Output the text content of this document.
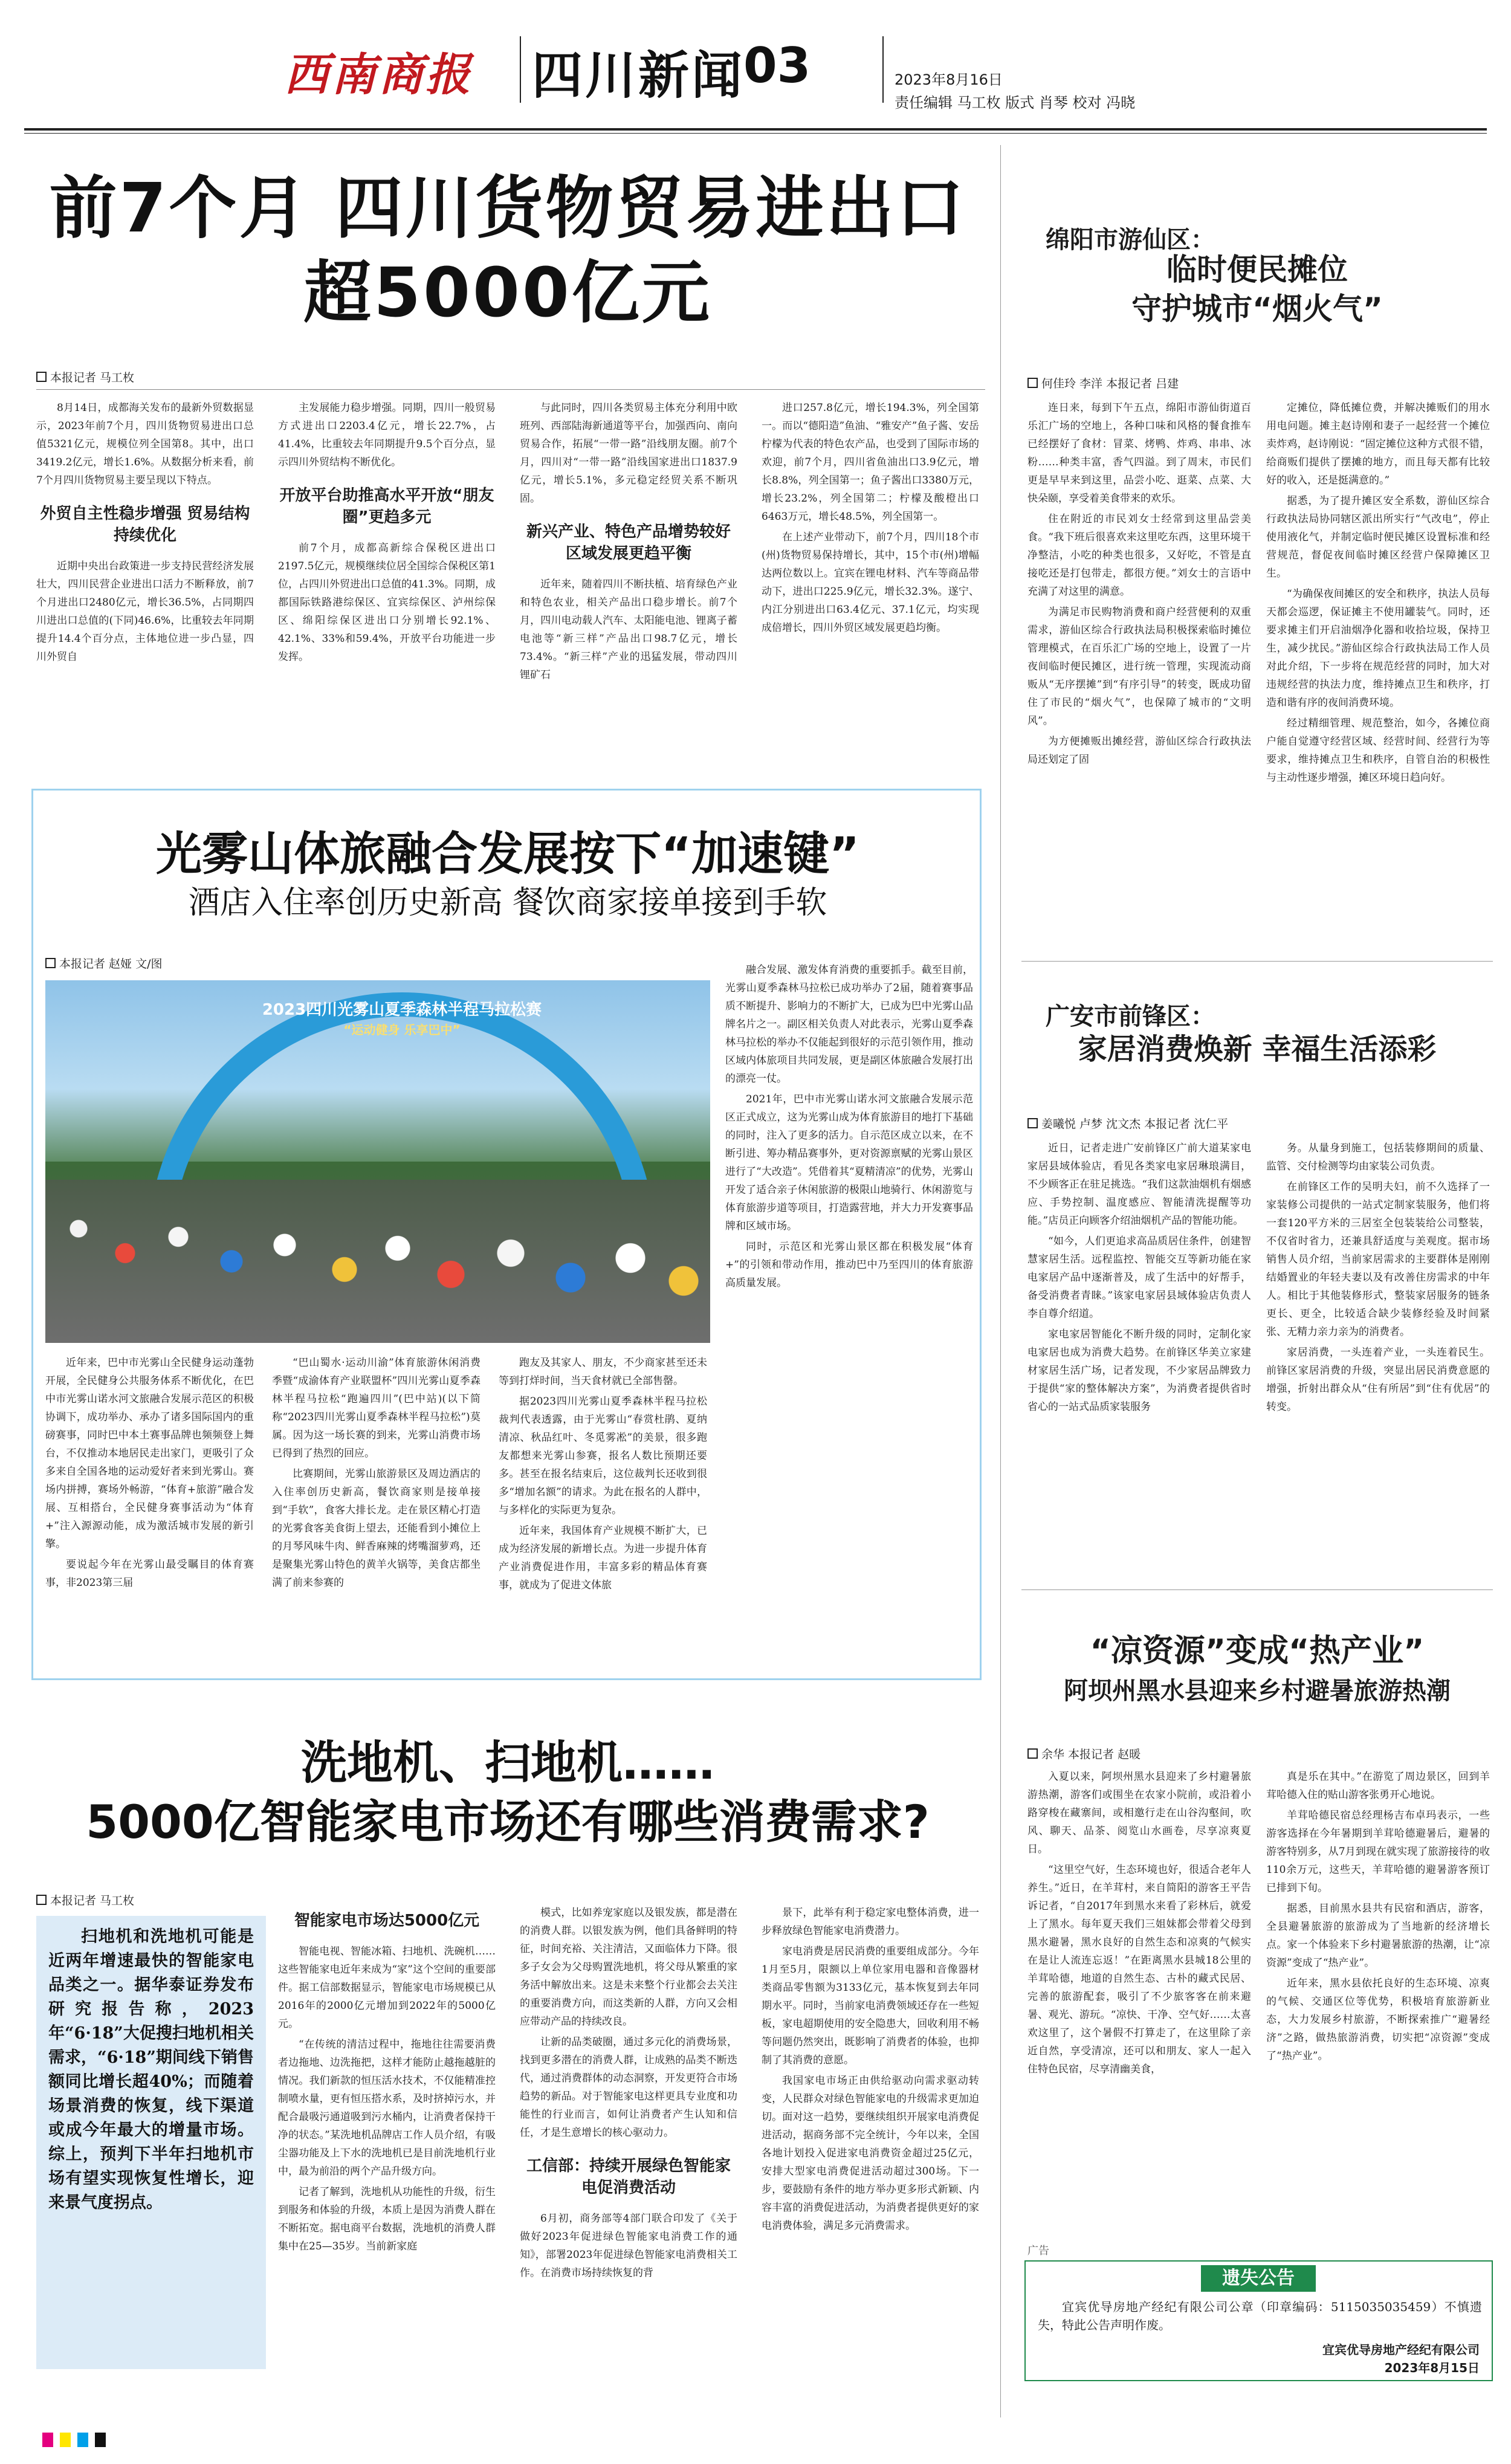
西南商报 四川新闻
03	2023年8月16日
责任编辑 马工枚 版式 肖琴 校对 冯晓
前7个月 四川货物贸易进出口
超5000亿元
本报记者 马工枚

8月14日，成都海关发布的最新外贸数据显示，2023年前7个月，四川货物贸易进出口总值5321亿元，规模位列全国第8。其中，出口3419.2亿元，增长1.6%。从数据分析来看，前7个月四川货物贸易主要呈现以下特点。

外贸自主性稳步增强 贸易结构持续优化

近期中央出台政策进一步支持民营经济发展壮大，四川民营企业进出口活力不断释放，前7个月进出口2480亿元，增长36.5%，占同期四川进出口总值的(下同)46.6%，比重较去年同期提升14.4个百分点，主体地位进一步凸显，四川外贸自

主发展能力稳步增强。同期，四川一般贸易方式进出口2203.4亿元，增长22.7%，占41.4%，比重较去年同期提升9.5个百分点，显示四川外贸结构不断优化。

开放平台助推高水平开放“朋友圈”更趋多元

前7个月，成都高新综合保税区进出口2197.5亿元，规模继续位居全国综合保税区第1位，占四川外贸进出口总值的41.3%。同期，成都国际铁路港综保区、宜宾综保区、泸州综保区、绵阳综保区进出口分别增长92.1%、42.1%、33%和59.4%，开放平台功能进一步发挥。

与此同时，四川各类贸易主体充分利用中欧班列、西部陆海新通道等平台，加强西向、南向贸易合作，拓展“一带一路”沿线朋友圈。前7个月，四川对“一带一路”沿线国家进出口1837.9亿元，增长5.1%，多元稳定经贸关系不断巩固。

新兴产业、特色产品增势较好 区域发展更趋平衡

近年来，随着四川不断扶植、培育绿色产业和特色农业，相关产品出口稳步增长。前7个月，四川电动载人汽车、太阳能电池、锂离子蓄电池等“新三样”产品出口98.7亿元，增长73.4%。“新三样”产业的迅猛发展，带动四川锂矿石

进口257.8亿元，增长194.3%，列全国第一。而以“德阳造”鱼油、“雅安产”鱼子酱、安岳柠檬为代表的特色农产品，也受到了国际市场的欢迎，前7个月，四川省鱼油出口3.9亿元，增长8.8%，列全国第一；鱼子酱出口3380万元，增长23.2%，列全国第二；柠檬及酸橙出口6463万元，增长48.5%，列全国第一。

在上述产业带动下，前7个月，四川18个市(州)货物贸易保持增长，其中，15个市(州)增幅达两位数以上。宜宾在锂电材料、汽车等商品带动下，进出口225.9亿元，增长32.3%。遂宁、内江分别进出口63.4亿元、37.1亿元，均实现成倍增长，四川外贸区域发展更趋均衡。

光雾山体旅融合发展按下“加速键”
酒店入住率创历史新高 餐饮商家接单接到手软
本报记者 赵娅 文/图
2023四川光雾山夏季森林半程马拉松赛
“运动健身 乐享巴中”

融合发展、激发体育消费的重要抓手。截至目前，光雾山夏季森林马拉松已成功举办了2届，随着赛事品质不断提升、影响力的不断扩大，已成为巴中光雾山品牌名片之一。副区相关负责人对此表示，光雾山夏季森林马拉松的举办不仅能起到很好的示范引领作用，推动区域内体旅项目共同发展，更是副区体旅融合发展打出的漂亮一仗。

2021年，巴中市光雾山诺水河文旅融合发展示范区正式成立，这为光雾山成为体育旅游目的地打下基础的同时，注入了更多的活力。自示范区成立以来，在不断引进、筹办精品赛事外，更对资源禀赋的光雾山景区进行了“大改造”。凭借着其“夏精清凉”的优势，光雾山开发了适合亲子休闲旅游的极限山地骑行、休闲游览与体育旅游步道等项目，打造露营地，并大力开发赛事品牌和区域市场。

同时，示范区和光雾山景区都在积极发展“体育+”的引领和带动作用，推动巴中乃至四川的体育旅游高质量发展。

近年来，巴中市光雾山全民健身运动蓬勃开展，全民健身公共服务体系不断优化，在巴中市光雾山诺水河文旅融合发展示范区的积极协调下，成功举办、承办了诸多国际国内的重磅赛事，同时巴中本土赛事品牌也频频登上舞台，不仅推动本地居民走出家门，更吸引了众多来自全国各地的运动爱好者来到光雾山。赛场内拼搏，赛场外畅游，“体育+旅游”融合发展、互相搭台，全民健身赛事活动为“体育+”注入源源动能，成为激活城市发展的新引擎。

要说起今年在光雾山最受瞩目的体育赛事，非2023第三届

“巴山蜀水·运动川渝”体育旅游休闲消费季暨“成渝体育产业联盟杯”四川光雾山夏季森林半程马拉松“跑遍四川”(巴中站)(以下简称“2023四川光雾山夏季森林半程马拉松”)莫属。因为这一场长赛的到来，光雾山消费市场已得到了热烈的回应。

比赛期间，光雾山旅游景区及周边酒店的入住率创历史新高，餐饮商家则是接单接到“手软”，食客大排长龙。走在景区精心打造的光雾食客美食街上望去，还能看到小摊位上的月琴风味牛肉、鲜香麻辣的烤嘴溜萝鸡，还是聚集光雾山特色的黄羊火锅等，美食店都坐满了前来参赛的

跑友及其家人、朋友，不少商家甚至还未等到打烊时间，当天食材就已全部售罄。

据2023四川光雾山夏季森林半程马拉松裁判代表透露，由于光雾山“春赏杜鹃、夏纳清凉、秋品红叶、冬觅雾凇”的美景，很多跑友都想来光雾山参赛，报名人数比预期还要多。甚至在报名结束后，这位裁判长还收到很多“增加名额”的请求。为此在报名的人群中，与多样化的实际更为复杂。

近年来，我国体育产业规模不断扩大，已成为经济发展的新增长点。为进一步提升体育产业消费促进作用，丰富多彩的精品体育赛事，就成为了促进文体旅

洗地机、扫地机……
5000亿智能家电市场还有哪些消费需求?
本报记者 马工枚
扫地机和洗地机可能是近两年增速最快的智能家电品类之一。据华泰证券发布研究报告称，2023年“6·18”大促搜扫地机相关需求，“6·18”期间线下销售额同比增长超40%；而随着场景消费的恢复，线下渠道或成今年最大的增量市场。综上，预判下半年扫地机市场有望实现恢复性增长，迎来景气度拐点。
智能家电市场达5000亿元

智能电视、智能冰箱、扫地机、洗碗机……这些智能家电近年来成为“家”这个空间的重要部件。据工信部数据显示，智能家电市场规模已从2016年的2000亿元增加到2022年的5000亿元。

“在传统的清洁过程中，拖地往往需要消费者边拖地、边洗拖把，这样才能防止越拖越脏的情况。我们新款的恒压活水技术，不仅能精准控制喷水量，更有恒压搭水系，及时挤掉污水，并配合最吸污通道吸到污水桶内，让消费者保持干净的状态。”某洗地机品牌店工作人员介绍，有吸尘器功能及上下水的洗地机已是目前洗地机行业中，最为前沿的两个产品升级方向。

记者了解到，洗地机从功能性的升级，衍生到服务和体验的升级，本质上是因为消费人群在不断拓宽。据电商平台数据，洗地机的消费人群集中在25—35岁。当前新家庭

模式，比如养宠家庭以及银发族，都是潜在的消费人群。以银发族为例，他们具备鲜明的特征，时间充裕、关注清洁，又面临体力下降。很多子女会为父母购置洗地机，将父母从繁重的家务活中解放出来。这是未来整个行业都会去关注的重要消费方向，而这类新的人群，方向又会相应带动产品的持续改良。

让新的品类破圈，通过多元化的消费场景，找到更多潜在的消费人群，让成熟的品类不断迭代，通过消费群体的动态洞察，开发更符合市场趋势的新品。对于智能家电这样更具专业度和功能性的行业而言，如何让消费者产生认知和信任，才是生意增长的核心驱动力。

工信部：持续开展绿色智能家电促消费活动

6月初，商务部等4部门联合印发了《关于做好2023年促进绿色智能家电消费工作的通知》，部署2023年促进绿色智能家电消费相关工作。在消费市场持续恢复的背

景下，此举有利于稳定家电整体消费，进一步释放绿色智能家电消费潜力。

家电消费是居民消费的重要组成部分。今年1月至5月，限额以上单位家用电器和音像器材类商品零售额为3133亿元，基本恢复到去年同期水平。同时，当前家电消费领域还存在一些短板，家电超期使用的安全隐患大，回收利用不畅等问题仍然突出，既影响了消费者的体验，也抑制了其消费的意愿。

我国家电市场正由供给驱动向需求驱动转变，人民群众对绿色智能家电的升级需求更加迫切。面对这一趋势，要继续组织开展家电消费促进活动，据商务部不完全统计，今年以来，全国各地计划投入促进家电消费资金超过25亿元，安排大型家电消费促进活动超过300场。下一步，要鼓励有条件的地方举办更多形式新颖、内容丰富的消费促进活动，为消费者提供更好的家电消费体验，满足多元消费需求。

绵阳市游仙区：
临时便民摊位
守护城市“烟火气”
何佳玲 李洋 本报记者 吕建

连日来，每到下午五点，绵阳市游仙街道百乐汇广场的空地上，各种口味和风格的餐食推车已经摆好了食材：冒菜、烤鸭、炸鸡、串串、冰粉……种类丰富，香气四溢。到了周末，市民们更是早早来到这里，品尝小吃、逛菜、点菜、大快朵颐，享受着美食带来的欢乐。

住在附近的市民刘女士经常到这里品尝美食。“我下班后很喜欢来这里吃东西，这里环境干净整洁，小吃的种类也很多，又好吃，不管是直接吃还是打包带走，都很方便。”刘女士的言语中充满了对这里的满意。

为满足市民购物消费和商户经营便利的双重需求，游仙区综合行政执法局积极探索临时摊位管理模式，在百乐汇广场的空地上，设置了一片夜间临时便民摊区，进行统一管理，实现流动商贩从“无序摆摊”到“有序引导”的转变，既成功留住了市民的“烟火气”，也保障了城市的“文明风”。

为方便摊贩出摊经营，游仙区综合行政执法局还划定了固

定摊位，降低摊位费，并解决摊贩们的用水用电问题。摊主赵诗刚和妻子一起经营一个摊位卖炸鸡，赵诗刚说：“固定摊位这种方式很不错，给商贩们提供了摆摊的地方，而且每天都有比较好的收入，还是挺满意的。”

据悉，为了提升摊区安全系数，游仙区综合行政执法局协同辖区派出所实行“气改电”，停止使用液化气，并制定临时便民摊区设置标准和经营规范，督促夜间临时摊区经营户保障摊区卫生。

“为确保夜间摊区的安全和秩序，执法人员每天都会巡逻，保证摊主不使用罐装气。同时，还要求摊主们开启油烟净化器和收拾垃圾，保持卫生，减少扰民。”游仙区综合行政执法局工作人员对此介绍，下一步将在规范经营的同时，加大对违规经营的执法力度，维持摊点卫生和秩序，打造和谐有序的夜间消费环境。

经过精细管理、规范整治，如今，各摊位商户能自觉遵守经营区域、经营时间、经营行为等要求，维持摊点卫生和秩序，自管自治的积极性与主动性逐步增强，摊区环境日趋向好。

广安市前锋区：
家居消费焕新 幸福生活添彩
姜曦悦 卢梦 沈文杰 本报记者 沈仁平

近日，记者走进广安前锋区广前大道某家电家居县域体验店，看见各类家电家居琳琅满目，不少顾客正在驻足挑选。“我们这款油烟机有烟感应、手势控制、温度感应、智能清洗提醒等功能。”店员正向顾客介绍油烟机产品的智能功能。

“如今，人们更追求高品质居住条件，创建智慧家居生活。远程监控、智能交互等新功能在家电家居产品中逐渐普及，成了生活中的好帮手，备受消费者青睐。”该家电家居县域体验店负责人李自尊介绍道。

家电家居智能化不断升级的同时，定制化家电家居也成为消费大趋势。在前锋区华美立家建材家居生活广场，记者发现，不少家居品牌致力于提供“家的整体解决方案”，为消费者提供省时省心的一站式品质家装服务

务。从量身到施工，包括装修期间的质量、监管、交付检测等均由家装公司负责。

在前锋区工作的吴明夫妇，前不久选择了一家装修公司提供的一站式定制家装服务，他们将一套120平方米的三居室全包装装给公司整装，不仅省时省力，还兼具舒适度与美观度。据市场销售人员介绍，当前家居需求的主要群体是刚刚结婚置业的年轻夫妻以及有改善住房需求的中年人。相比于其他装修形式，整装家居服务的链条更长、更全，比较适合缺少装修经验及时间紧张、无精力亲力亲为的消费者。

家居消费，一头连着产业，一头连着民生。前锋区家居消费的升级，突显出居民消费意愿的增强，折射出群众从“住有所居”到“住有优居”的转变。

“凉资源”变成“热产业”
阿坝州黑水县迎来乡村避暑旅游热潮
余华 本报记者 赵暖

入夏以来，阿坝州黑水县迎来了乡村避暑旅游热潮，游客们或围坐在农家小院前，或沿着小路穿梭在藏寨间，或相邀行走在山谷沟壑间，吹风、聊天、品茶、阅览山水画卷，尽享凉爽夏日。

“这里空气好，生态环境也好，很适合老年人养生。”近日，在羊茸村，来自简阳的游客王平告诉记者，“自2017年到黑水来看了彩林后，就爱上了黑水。每年夏天我们三姐妹都会带着父母到黑水避暑，黑水良好的自然生态和凉爽的气候实在是让人流连忘返！”在距离黑水县城18公里的羊茸哈德，地道的自然生态、古朴的藏式民居、完善的旅游配套，吸引了不少旅客客在前来避暑、观光、游玩。“凉快、干净、空气好……太喜欢这里了，这个暑假不打算走了，在这里除了亲近自然，享受清凉，还可以和朋友、家人一起入住特色民宿，尽享清幽美食，

真是乐在其中。”在游览了周边景区，回到羊茸哈德入住的贴山游客张勇开心地说。

羊茸哈德民宿总经理杨吉布卓玛表示，一些游客选择在今年暑期到羊茸哈德避暑后，避暑的游客特别多，从7月到现在就实现了旅游接待的收110余万元，这些天，羊茸哈德的避暑游客预订已排到下旬。

据悉，目前黑水县共有民宿和酒店，游客，全县避暑旅游的旅游成为了当地新的经济增长点。家一个体验来下乡村避暑旅游的热潮，让“凉资源”变成了“热产业”。

近年来，黑水县依托良好的生态环境、凉爽的气候、交通区位等优势，积极培育旅游新业态，大力发展乡村旅游，不断探索推广“避暑经济”之路，做热旅游消费，切实把“凉资源”变成了“热产业”。

广告
遗失公告
宜宾优导房地产经纪有限公司公章（印章编码：5115035035459）不慎遗失，特此公告声明作废。
宜宾优导房地产经纪有限公司
2023年8月15日
